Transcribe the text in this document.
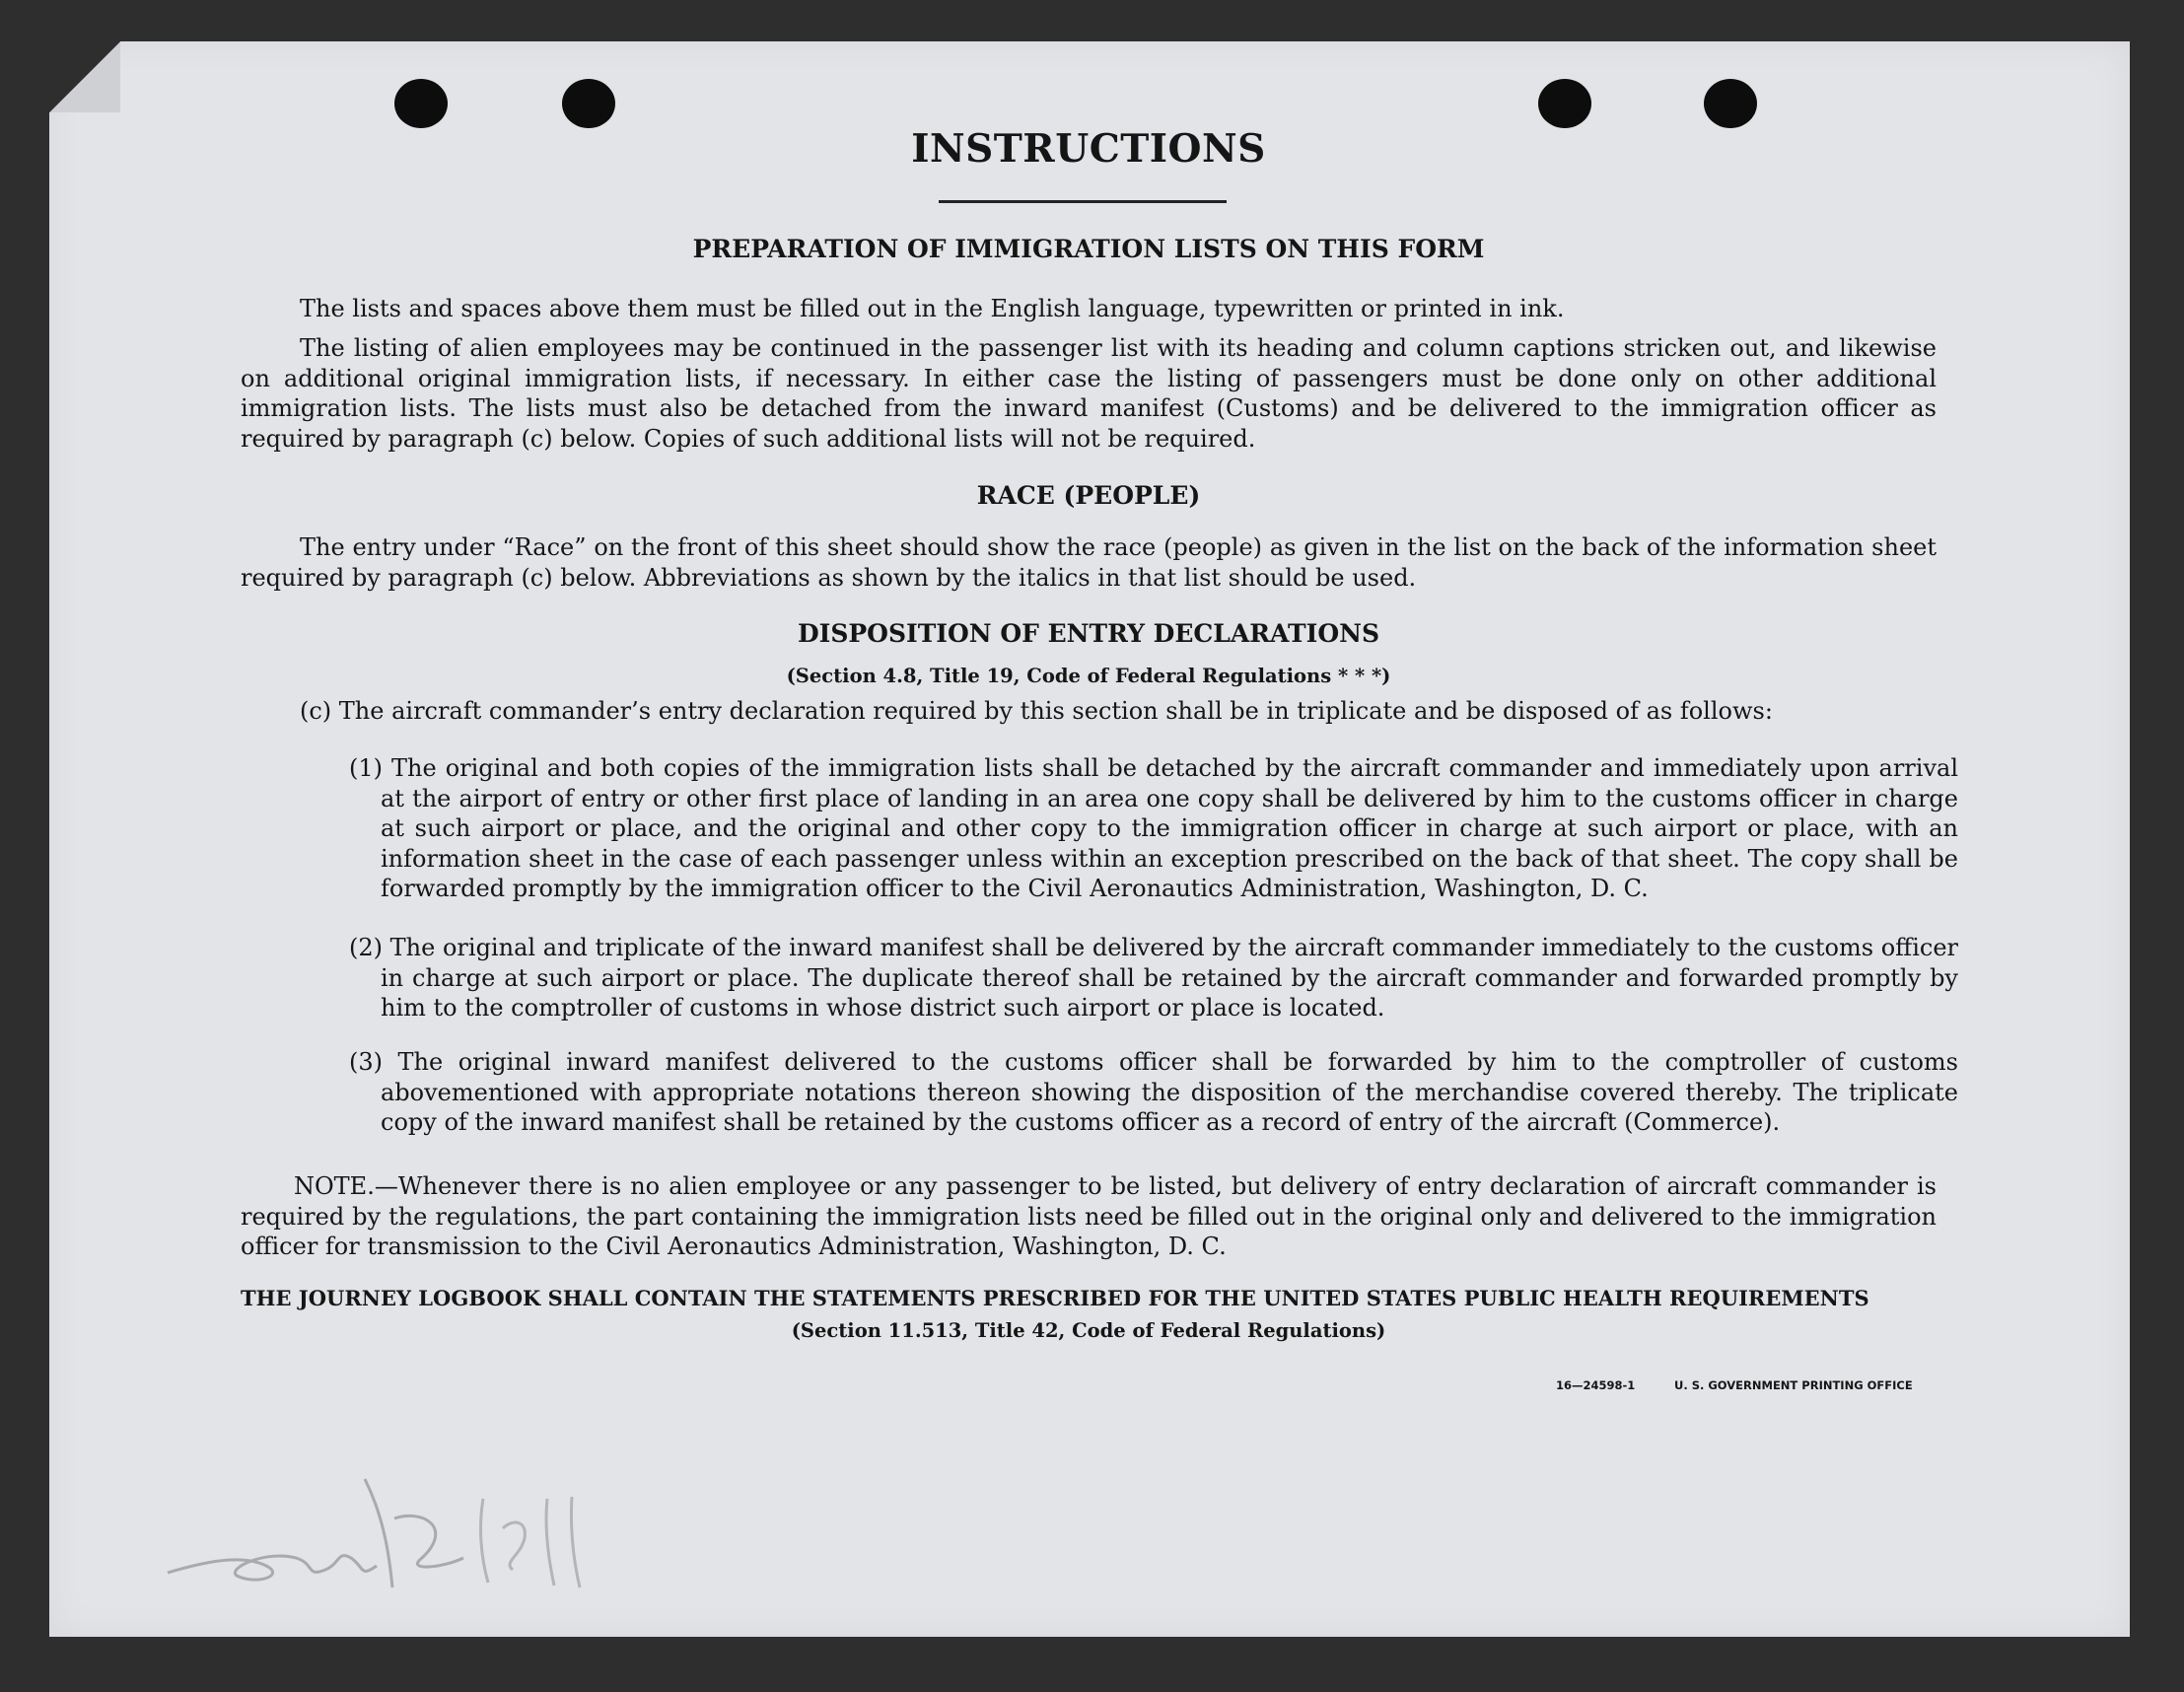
INSTRUCTIONS
PREPARATION OF IMMIGRATION LISTS ON THIS FORM
The lists and spaces above them must be filled out in the English language, typewritten or printed in ink.
The listing of alien employees may be continued in the passenger list with its heading and column captions stricken out, and likewise on additional original immigration lists, if necessary. In either case the listing of passengers must be done only on other additional immigration lists. The lists must also be detached from the inward manifest (Customs) and be delivered to the immigration officer as required by paragraph (c) below. Copies of such additional lists will not be required.
RACE (PEOPLE)
The entry under “Race” on the front of this sheet should show the race (people) as given in the list on the back of the information sheet required by paragraph (c) below. Abbreviations as shown by the italics in that list should be used.
DISPOSITION OF ENTRY DECLARATIONS
(Section 4.8, Title 19, Code of Federal Regulations * * *)
(c) The aircraft commander’s entry declaration required by this section shall be in triplicate and be disposed of as follows:
(1) The original and both copies of the immigration lists shall be detached by the aircraft commander and immediately upon arrival at the airport of entry or other first place of landing in an area one copy shall be delivered by him to the customs officer in charge at such airport or place, and the original and other copy to the immigration officer in charge at such airport or place, with an information sheet in the case of each passenger unless within an exception prescribed on the back of that sheet. The copy shall be forwarded promptly by the immigration officer to the Civil Aeronautics Administration, Washington, D. C.
(2) The original and triplicate of the inward manifest shall be delivered by the aircraft commander immediately to the customs officer in charge at such airport or place. The duplicate thereof shall be retained by the aircraft commander and forwarded promptly by him to the comptroller of customs in whose district such airport or place is located.
(3) The original inward manifest delivered to the customs officer shall be forwarded by him to the comptroller of customs abovementioned with appropriate notations thereon showing the disposition of the merchandise covered thereby. The triplicate copy of the inward manifest shall be retained by the customs officer as a record of entry of the aircraft (Commerce).
NOTE.—Whenever there is no alien employee or any passenger to be listed, but delivery of entry declaration of aircraft commander is required by the regulations, the part containing the immigration lists need be filled out in the original only and delivered to the immigration officer for transmission to the Civil Aeronautics Administration, Washington, D. C.
THE JOURNEY LOGBOOK SHALL CONTAIN THE STATEMENTS PRESCRIBED FOR THE UNITED STATES PUBLIC HEALTH REQUIREMENTS
(Section 11.513, Title 42, Code of Federal Regulations)
16—24598-1	U. S. GOVERNMENT PRINTING OFFICE
